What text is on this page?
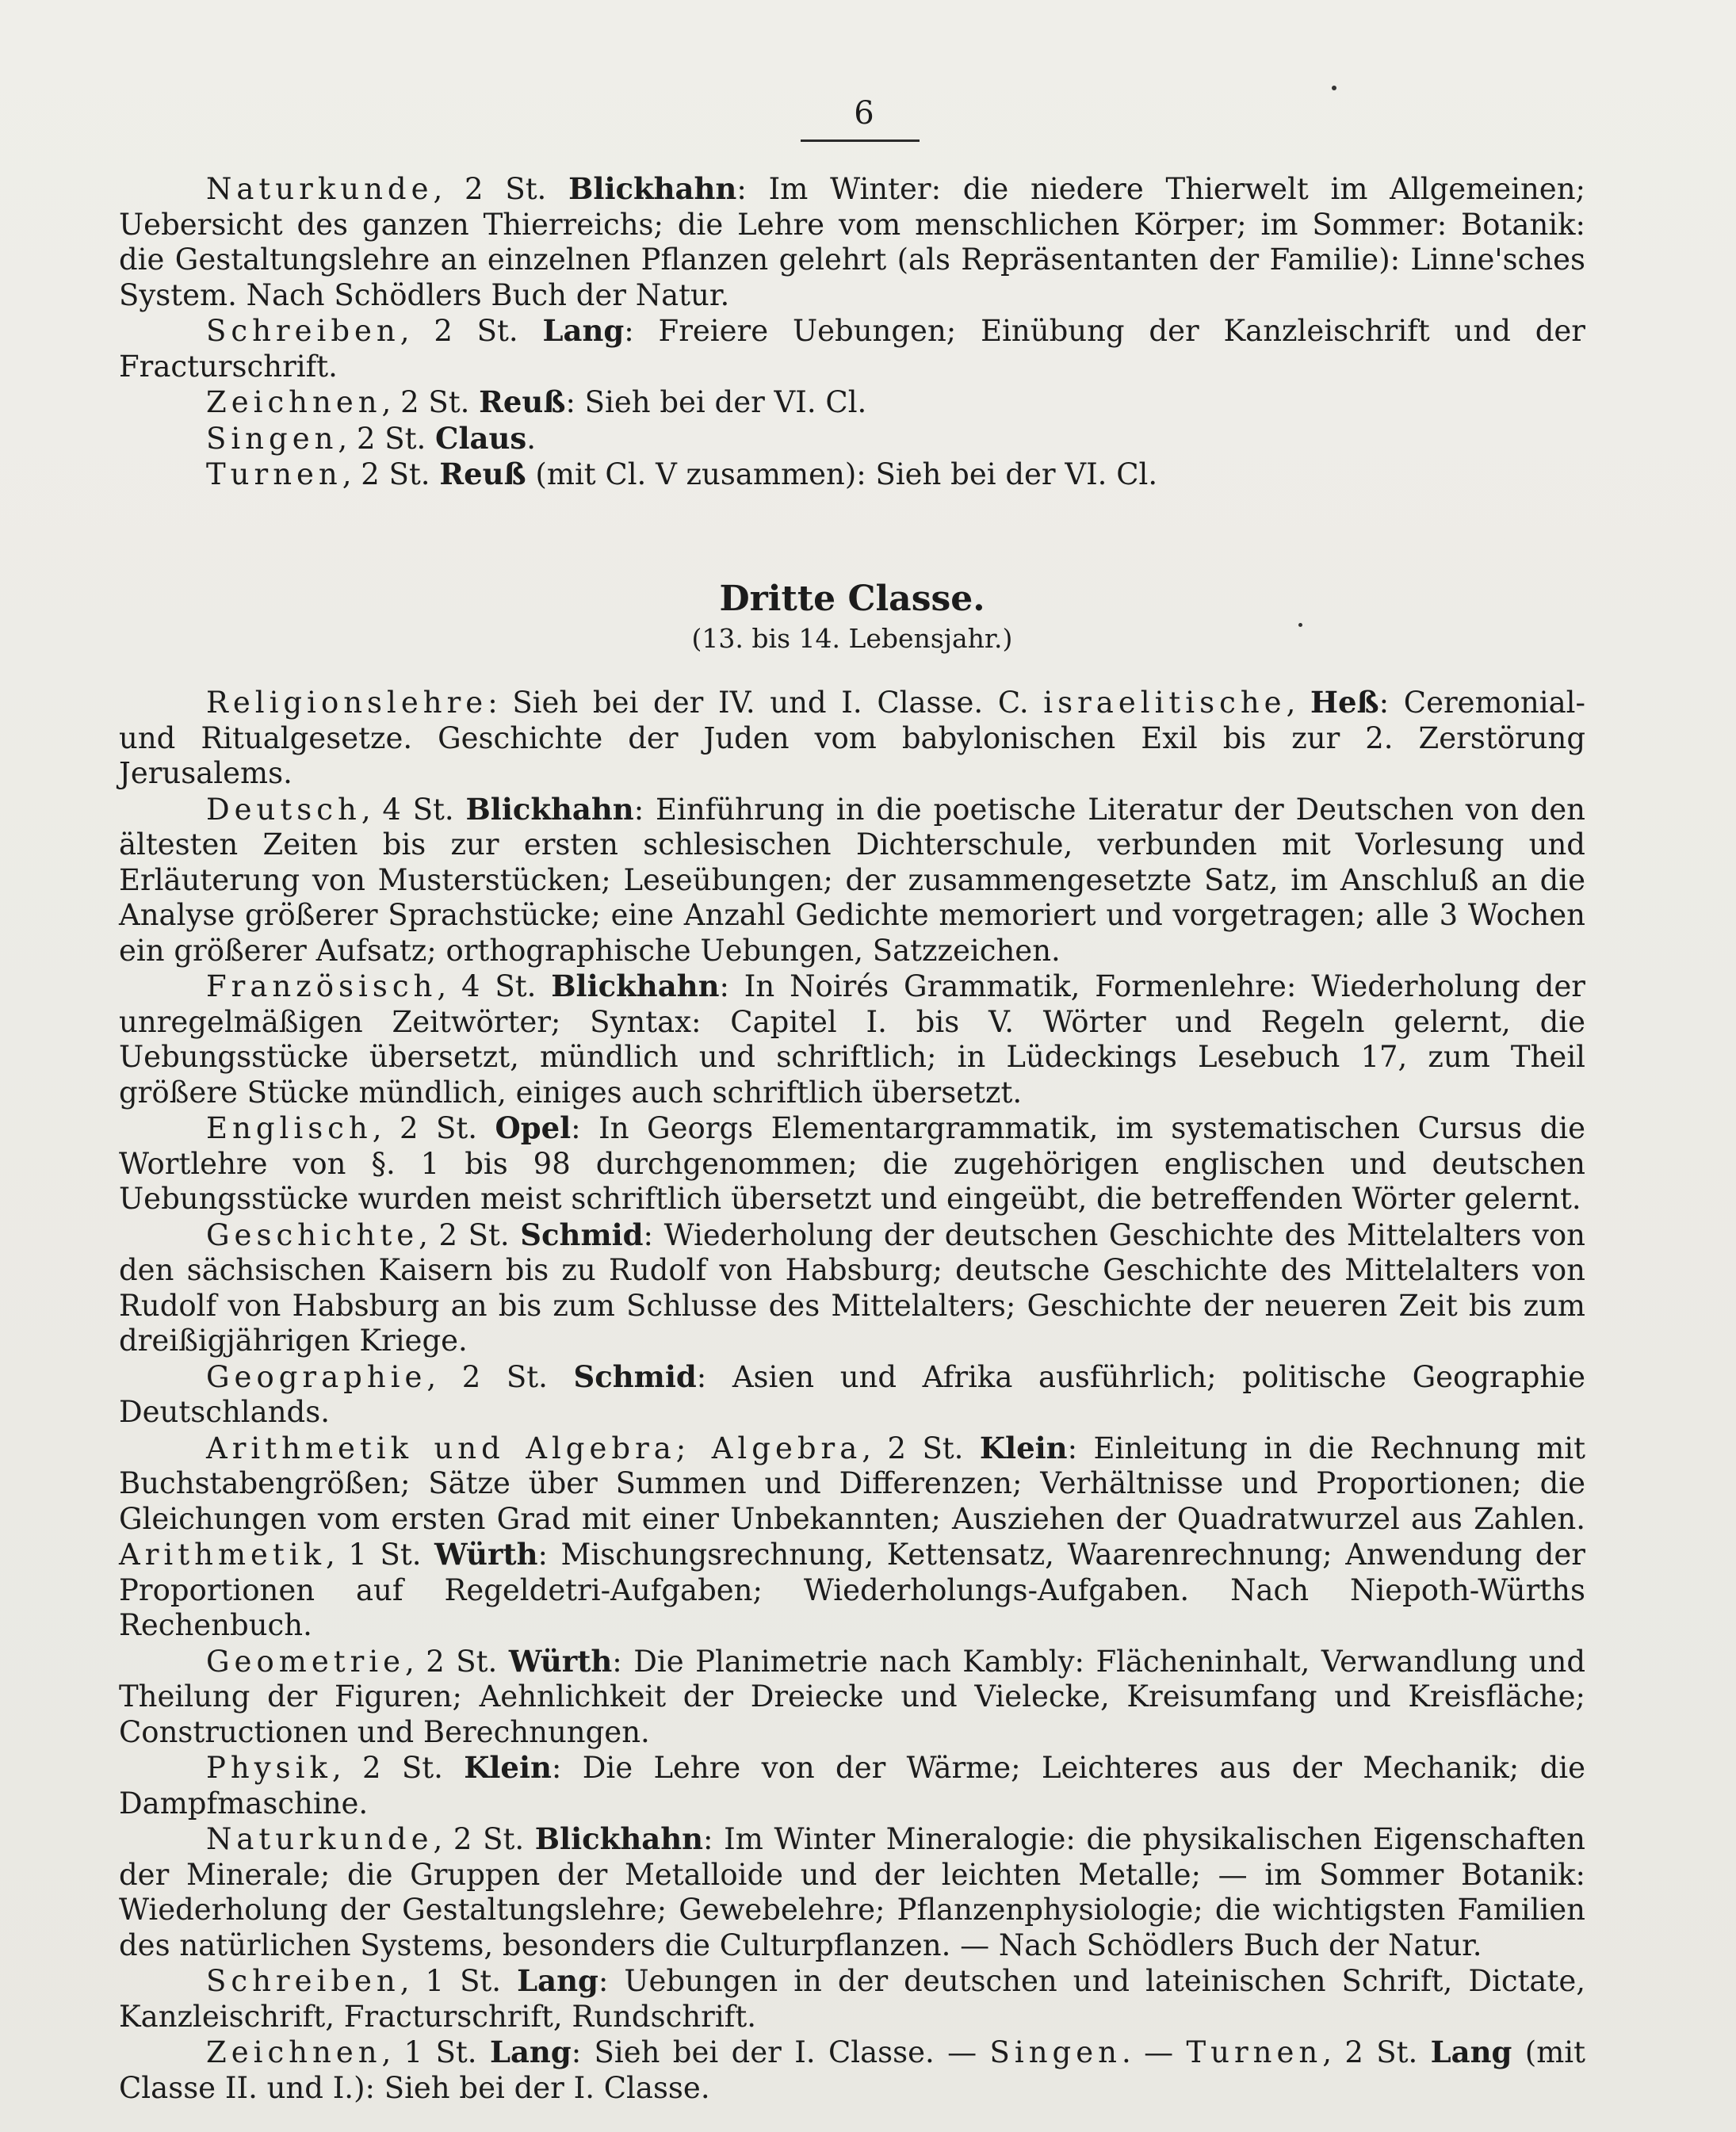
6

Naturkunde, 2 St. Blickhahn: Im Winter: die niedere Thierwelt im Allgemeinen; Uebersicht des ganzen Thierreichs; die Lehre vom menschlichen Körper; im Sommer: Botanik: die Gestaltungslehre an einzelnen Pflanzen gelehrt (als Repräsentanten der Familie): Linne'sches System. Nach Schödlers Buch der Natur.

Schreiben, 2 St. Lang: Freiere Uebungen; Einübung der Kanzleischrift und der Fracturschrift.

Zeichnen, 2 St. Reuß: Sieh bei der VI. Cl.

Singen, 2 St. Claus.

Turnen, 2 St. Reuß (mit Cl. V zusammen): Sieh bei der VI. Cl.

Dritte Classe.
(13. bis 14. Lebensjahr.)

Religionslehre: Sieh bei der IV. und I. Classe. C. israelitische, Heß: Ceremonial- und Ritualgesetze. Geschichte der Juden vom babylonischen Exil bis zur 2. Zerstörung Jerusalems.

Deutsch, 4 St. Blickhahn: Einführung in die poetische Literatur der Deutschen von den ältesten Zeiten bis zur ersten schlesischen Dichterschule, verbunden mit Vorlesung und Erläuterung von Musterstücken; Leseübungen; der zusammengesetzte Satz, im Anschluß an die Analyse größerer Sprachstücke; eine Anzahl Gedichte memoriert und vorgetragen; alle 3 Wochen ein größerer Aufsatz; orthographische Uebungen, Satzzeichen.

Französisch, 4 St. Blickhahn: In Noirés Grammatik, Formenlehre: Wiederholung der unregelmäßigen Zeitwörter; Syntax: Capitel I. bis V. Wörter und Regeln gelernt, die Uebungsstücke übersetzt, mündlich und schriftlich; in Lüdeckings Lesebuch 17, zum Theil größere Stücke mündlich, einiges auch schriftlich übersetzt.

Englisch, 2 St. Opel: In Georgs Elementargrammatik, im systematischen Cursus die Wortlehre von §. 1 bis 98 durchgenommen; die zugehörigen englischen und deutschen Uebungsstücke wurden meist schriftlich übersetzt und eingeübt, die betreffenden Wörter gelernt.

Geschichte, 2 St. Schmid: Wiederholung der deutschen Geschichte des Mittelalters von den sächsischen Kaisern bis zu Rudolf von Habsburg; deutsche Geschichte des Mittelalters von Rudolf von Habsburg an bis zum Schlusse des Mittelalters; Geschichte der neueren Zeit bis zum dreißigjährigen Kriege.

Geographie, 2 St. Schmid: Asien und Afrika ausführlich; politische Geographie Deutschlands.

Arithmetik und Algebra; Algebra, 2 St. Klein: Einleitung in die Rechnung mit Buchstabengrößen; Sätze über Summen und Differenzen; Verhältnisse und Proportionen; die Gleichungen vom ersten Grad mit einer Unbekannten; Ausziehen der Quadratwurzel aus Zahlen. Arithmetik, 1 St. Würth: Mischungsrechnung, Kettensatz, Waarenrechnung; Anwendung der Proportionen auf Regeldetri-Aufgaben; Wiederholungs-Aufgaben. Nach Niepoth-Würths Rechenbuch.

Geometrie, 2 St. Würth: Die Planimetrie nach Kambly: Flächeninhalt, Verwandlung und Theilung der Figuren; Aehnlichkeit der Dreiecke und Vielecke, Kreisumfang und Kreisfläche; Constructionen und Berechnungen.

Physik, 2 St. Klein: Die Lehre von der Wärme; Leichteres aus der Mechanik; die Dampfmaschine.

Naturkunde, 2 St. Blickhahn: Im Winter Mineralogie: die physikalischen Eigenschaften der Minerale; die Gruppen der Metalloide und der leichten Metalle; — im Sommer Botanik: Wiederholung der Gestaltungslehre; Gewebelehre; Pflanzenphysiologie; die wichtigsten Familien des natürlichen Systems, besonders die Culturpflanzen. — Nach Schödlers Buch der Natur.

Schreiben, 1 St. Lang: Uebungen in der deutschen und lateinischen Schrift, Dictate, Kanzleischrift, Fracturschrift, Rundschrift.

Zeichnen, 1 St. Lang: Sieh bei der I. Classe. — Singen. — Turnen, 2 St. Lang (mit Classe II. und I.): Sieh bei der I. Classe.
